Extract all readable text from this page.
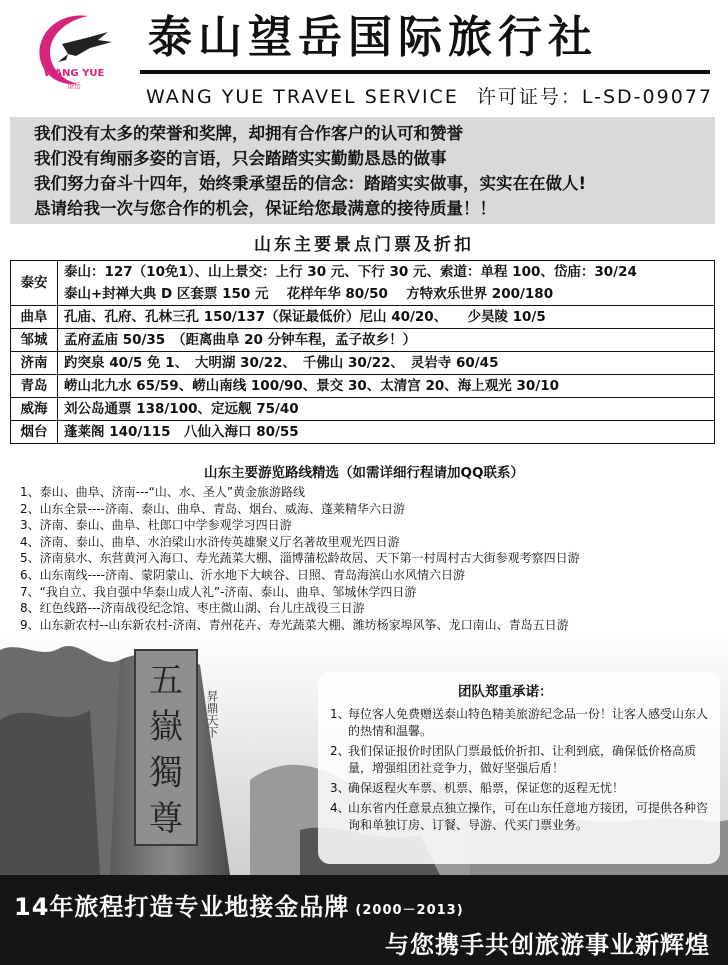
WANG YUE
望岳
泰山望岳国际旅行社
WANG YUE TRAVEL SERVICE 许可证号：L-SD-09077
我们没有太多的荣誉和奖牌，却拥有合作客户的认可和赞誉
我们没有绚丽多姿的言语，只会踏踏实实勤勤恳恳的做事
我们努力奋斗十四年，始终秉承望岳的信念：踏踏实实做事，实实在在做人!
恳请给我一次与您合作的机会，保证给您最满意的接待质量！！
山东主要景点门票及折扣
泰安	泰山：127（10免1）、山上景交：上行 30 元、下行 30 元、索道：单程 100、岱庙：30/24
泰山+封禅大典 D 区套票 150 元　 花样年华 80/50　 方特欢乐世界 200/180

曲阜	孔庙、孔府、孔林三孔 150/137（保证最低价）尼山 40/20、　　少昊陵 10/5
邹城	孟府孟庙 50/35　（距离曲阜 20 分钟车程，孟子故乡！）
济南	趵突泉 40/5 免 1、　大明湖 30/22、　千佛山 30/22、　灵岩寺 60/45
青岛	崂山北九水 65/59、崂山南线 100/90、景交 30、太清宫 20、海上观光 30/10
威海	刘公岛通票 138/100、定远舰 75/40
烟台	蓬莱阁 140/115　八仙入海口 80/55
五
嶽
獨
尊
昇鼎天下
山东主要游览路线精选（如需详细行程请加QQ联系）
1、泰山、曲阜、济南---“山、水、圣人”黄金旅游路线
2、山东全景----济南、泰山、曲阜、青岛、烟台、威海、蓬莱精华六日游
3、济南、泰山、曲阜、杜郎口中学参观学习四日游
4、济南、泰山、曲阜、水泊梁山水浒传英雄聚义厅名著故里观光四日游
5、济南泉水、东营黄河入海口、寿光蔬菜大棚、淄博蒲松龄故居、天下第一村周村古大街参观考察四日游
6、山东南线----济南、蒙阴蒙山、沂水地下大峡谷、日照、青岛海滨山水风情六日游
7、“我自立、我自强中华泰山成人礼”-济南、泰山、曲阜、邹城休学四日游
8、红色线路---济南战役纪念馆、枣庄微山湖、台儿庄战役三日游
9、山东新农村--山东新农村-济南、青州花卉、寿光蔬菜大棚、潍坊杨家埠风筝、龙口南山、青岛五日游
团队郑重承诺：
1、
每位客人免费赠送泰山特色精美旅游纪念品一份！让客人感受山东人的热情和温馨。
2、
我们保证报价时团队门票最低价折扣、让利到底，确保低价格高质量，增强组团社竞争力，做好坚强后盾！
3、
确保返程火车票、机票、船票，保证您的返程无忧！
4、
山东省内任意景点独立操作，可在山东任意地方接团，可提供各种咨询和单独订房、订餐、导游、代买门票业务。
14年旅程打造专业地接金品牌 (2000－2013)
与您携手共创旅游事业新辉煌
